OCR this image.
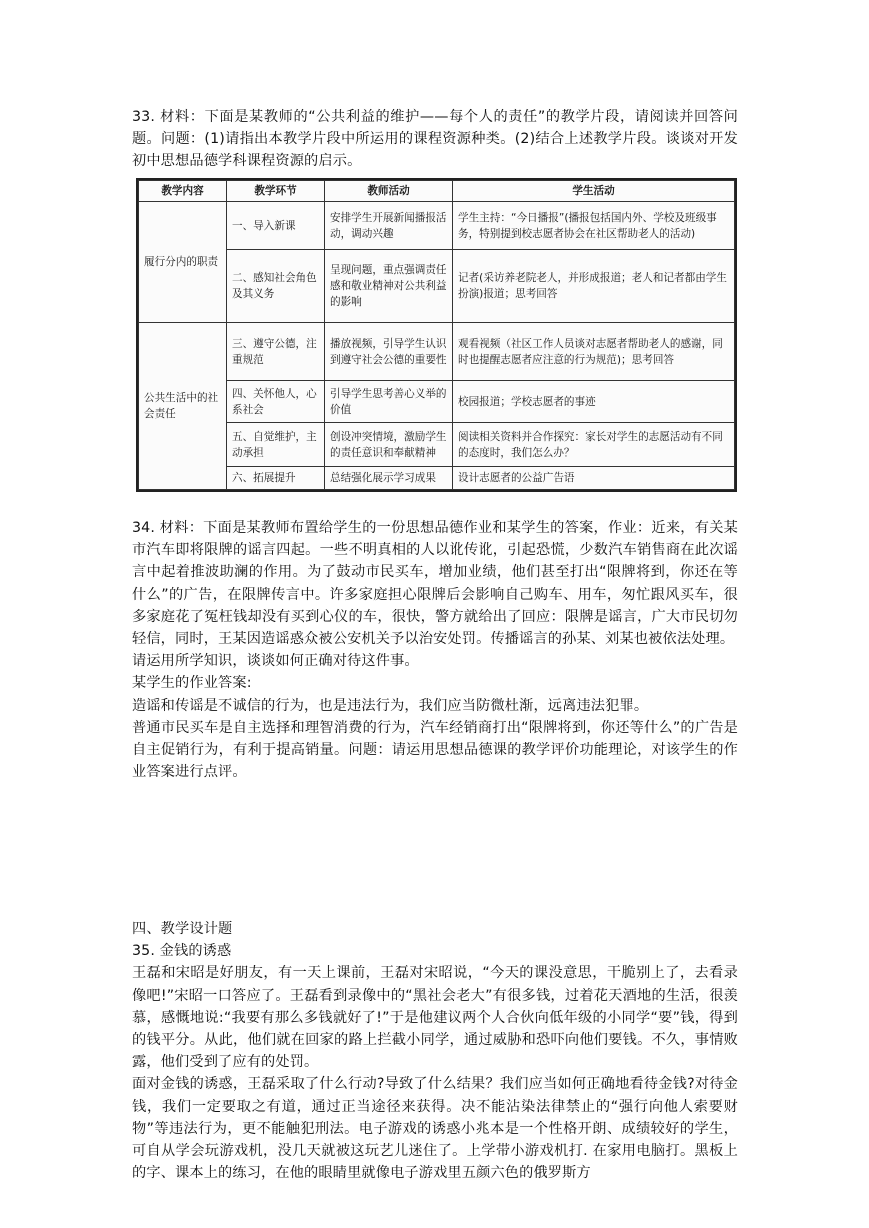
33. 材料：下面是某教师的“公共利益的维护——每个人的责任”的教学片段，请阅读并回答问题。问题：(1)请指出本教学片段中所运用的课程资源种类。(2)结合上述教学片段。谈谈对开发初中思想品德学科课程资源的启示。

教学内容	教学环节	教师活动	学生活动
履行分内的职责	一、导入新课	安排学生开展新闻播报活动，调动兴趣	学生主持：“今日播报”(播报包括国内外、学校及班级事务，特别提到校志愿者协会在社区帮助老人的活动)
	二、感知社会角色及其义务	呈现问题，重点强调责任感和敬业精神对公共利益的影响	记者(采访养老院老人，并形成报道；老人和记者都由学生扮演)报道；思考回答
公共生活中的社会责任	三、遵守公德，注重规范	播放视频，引导学生认识到遵守社会公德的重要性	观看视频（社区工作人员谈对志愿者帮助老人的感谢，同时也提醒志愿者应注意的行为规范)；思考回答
	四、关怀他人，心系社会	引导学生思考善心义举的价值	校园报道；学校志愿者的事迹
	五、自觉维护，主动承担	创设冲突情境，激励学生的责任意识和奉献精神	阅读相关资料并合作探究：家长对学生的志愿活动有不同的态度时，我们怎么办？
	六、拓展提升	总结强化展示学习成果	设计志愿者的公益广告语

34. 材料：下面是某教师布置给学生的一份思想品德作业和某学生的答案，作业：近来，有关某市汽车即将限牌的谣言四起。一些不明真相的人以讹传讹，引起恐慌，少数汽车销售商在此次谣言中起着推波助澜的作用。为了鼓动市民买车，增加业绩，他们甚至打出“限牌将到，你还在等什么”的广告，在限牌传言中。许多家庭担心限牌后会影响自己购车、用车，匆忙跟风买车，很多家庭花了冤枉钱却没有买到心仪的车，很快，警方就给出了回应：限牌是谣言，广大市民切勿轻信，同时，王某因造谣惑众被公安机关予以治安处罚。传播谣言的孙某、刘某也被依法处理。

请运用所学知识，谈谈如何正确对待这件事。

某学生的作业答案:

造谣和传谣是不诚信的行为，也是违法行为，我们应当防微杜渐，远离违法犯罪。

普通市民买车是自主选择和理智消费的行为，汽车经销商打出“限牌将到，你还等什么”的广告是自主促销行为，有利于提高销量。问题：请运用思想品德课的教学评价功能理论，对该学生的作业答案进行点评。

四、教学设计题

35. 金钱的诱惑

王磊和宋昭是好朋友，有一天上课前，王磊对宋昭说，“今天的课没意思，干脆别上了，去看录像吧!”宋昭一口答应了。王磊看到录像中的“黑社会老大”有很多钱，过着花天酒地的生活，很羡慕，感慨地说:“我要有那么多钱就好了!”于是他建议两个人合伙向低年级的小同学“要”钱，得到的钱平分。从此，他们就在回家的路上拦截小同学，通过威胁和恐吓向他们要钱。不久，事情败露，他们受到了应有的处罚。

面对金钱的诱惑，王磊采取了什么行动?导致了什么结果？我们应当如何正确地看待金钱?对待金钱，我们一定要取之有道，通过正当途径来获得。决不能沾染法律禁止的“强行向他人索要财物”等违法行为，更不能触犯刑法。电子游戏的诱惑小兆本是一个性格开朗、成绩较好的学生，可自从学会玩游戏机，没几天就被这玩艺儿迷住了。上学带小游戏机打. 在家用电脑打。黑板上的字、课本上的练习，在他的眼睛里就像电子游戏里五颜六色的俄罗斯方
